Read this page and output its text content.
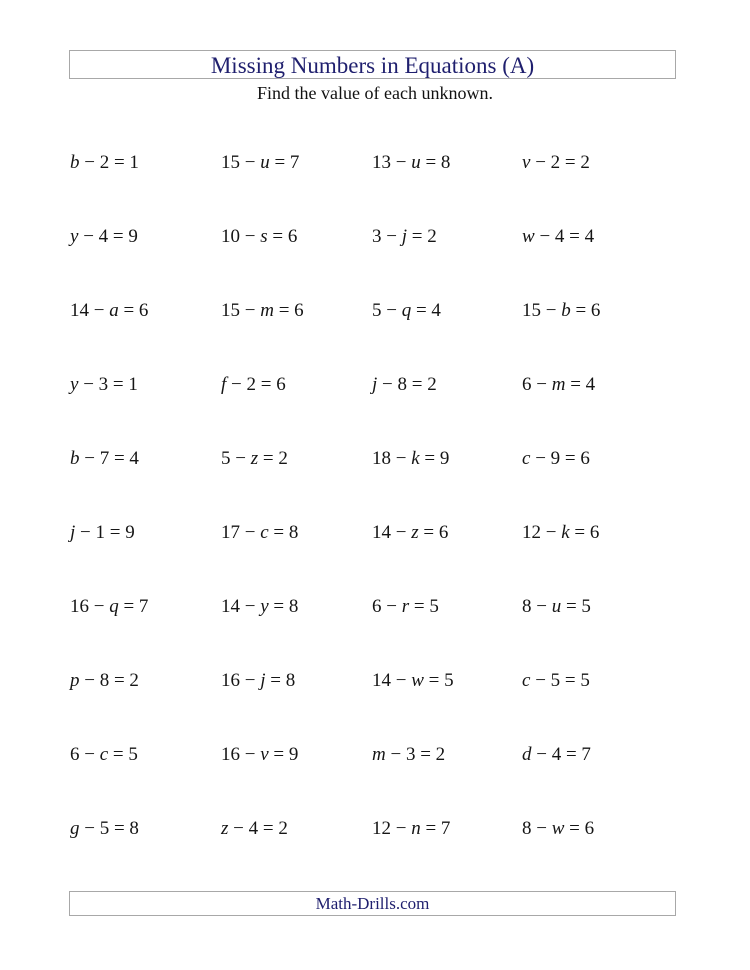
Missing Numbers in Equations (A)
Find the value of each unknown.
b − 2 = 1	15 − u = 7	13 − u = 8	v − 2 = 2
y − 4 = 9	10 − s = 6	3 − j = 2	w − 4 = 4
14 − a = 6	15 − m = 6	5 − q = 4	15 − b = 6
y − 3 = 1	f − 2 = 6	j − 8 = 2	6 − m = 4
b − 7 = 4	5 − z = 2	18 − k = 9	c − 9 = 6
j − 1 = 9	17 − c = 8	14 − z = 6	12 − k = 6
16 − q = 7	14 − y = 8	6 − r = 5	8 − u = 5
p − 8 = 2	16 − j = 8	14 − w = 5	c − 5 = 5
6 − c = 5	16 − v = 9	m − 3 = 2	d − 4 = 7
g − 5 = 8	z − 4 = 2	12 − n = 7	8 − w = 6
Math-Drills.com
